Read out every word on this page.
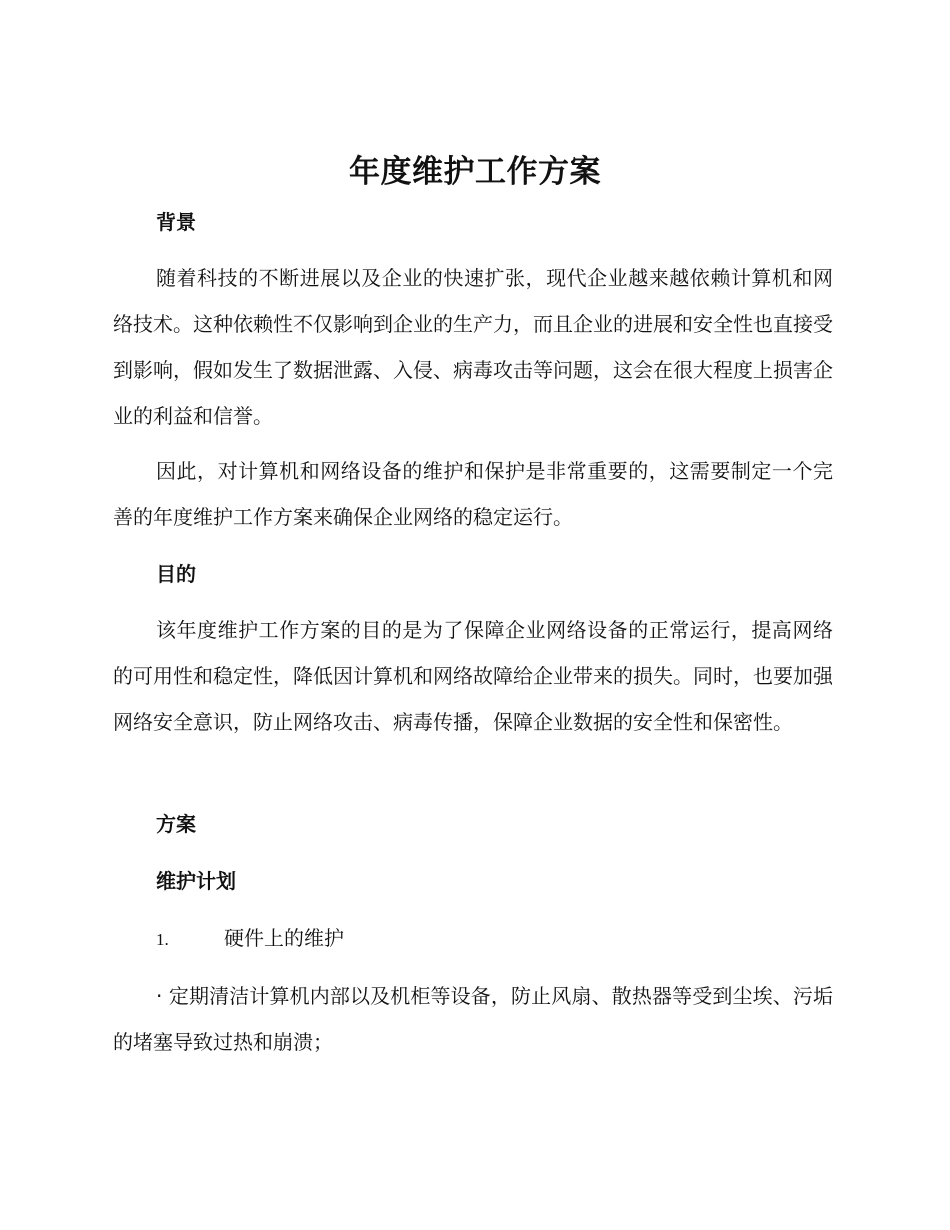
年度维护工作方案
背景
随着科技的不断进展以及企业的快速扩张，现代企业越来越依赖计算机和网络技术。这种依赖性不仅影响到企业的生产力，而且企业的进展和安全性也直接受到影响，假如发生了数据泄露、入侵、病毒攻击等问题，这会在很大程度上损害企业的利益和信誉。
因此，对计算机和网络设备的维护和保护是非常重要的，这需要制定一个完善的年度维护工作方案来确保企业网络的稳定运行。
目的
该年度维护工作方案的目的是为了保障企业网络设备的正常运行，提高网络的可用性和稳定性，降低因计算机和网络故障给企业带来的损失。同时，也要加强网络安全意识，防止网络攻击、病毒传播，保障企业数据的安全性和保密性。
方案
维护计划
1.	硬件上的维护
· 定期清洁计算机内部以及机柜等设备，防止风扇、散热器等受到尘埃、污垢的堵塞导致过热和崩溃；
